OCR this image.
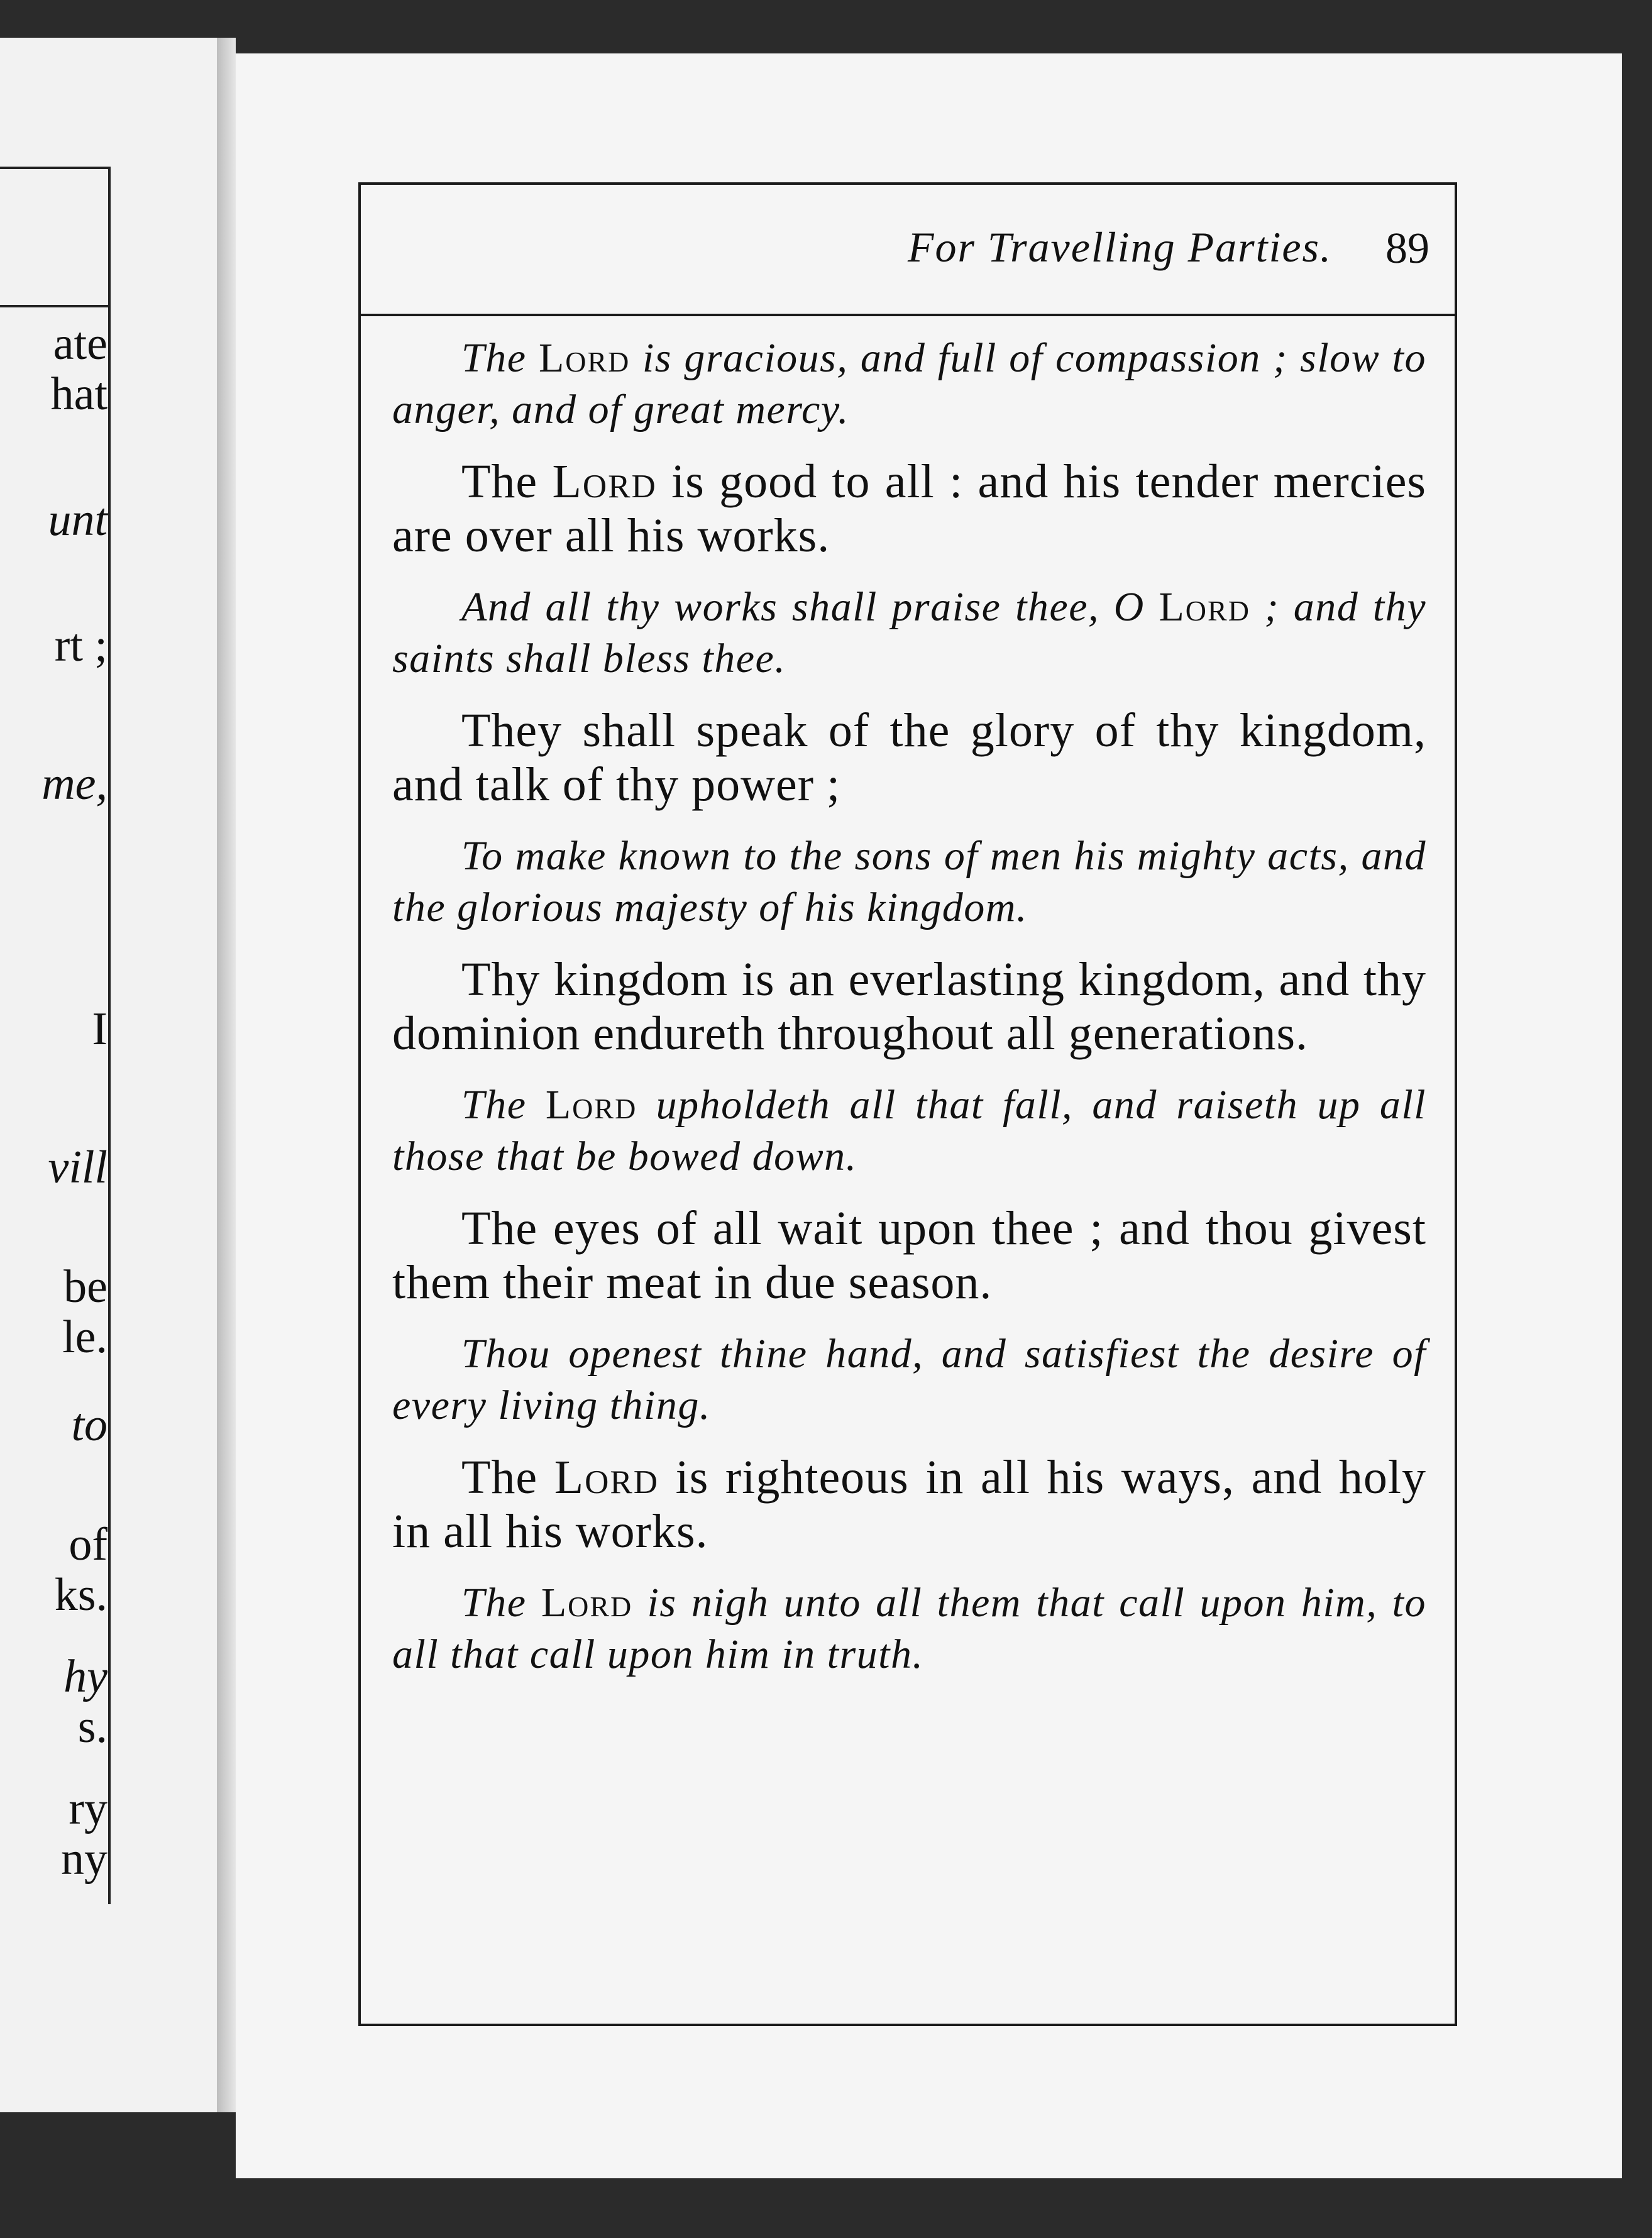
ate
hat
unt
rt ;
me,
I
vill
be
le.
to
of
ks.
hy
s.
ry
ny
For Travelling Parties. 89

The Lord is gracious, and full of compassion ; slow to anger, and of great mercy.

The Lord is good to all : and his tender mercies are over all his works.

And all thy works shall praise thee, O Lord ; and thy saints shall bless thee.

They shall speak of the glory of thy kingdom, and talk of thy power ;

To make known to the sons of men his mighty acts, and the glorious majesty of his kingdom.

Thy kingdom is an everlasting kingdom, and thy dominion endureth throughout all generations.

The Lord upholdeth all that fall, and raiseth up all those that be bowed down.

The eyes of all wait upon thee ; and thou givest them their meat in due season.

Thou openest thine hand, and satisfiest the desire of every living thing.

The Lord is righteous in all his ways, and holy in all his works.

The Lord is nigh unto all them that call upon him, to all that call upon him in truth.
